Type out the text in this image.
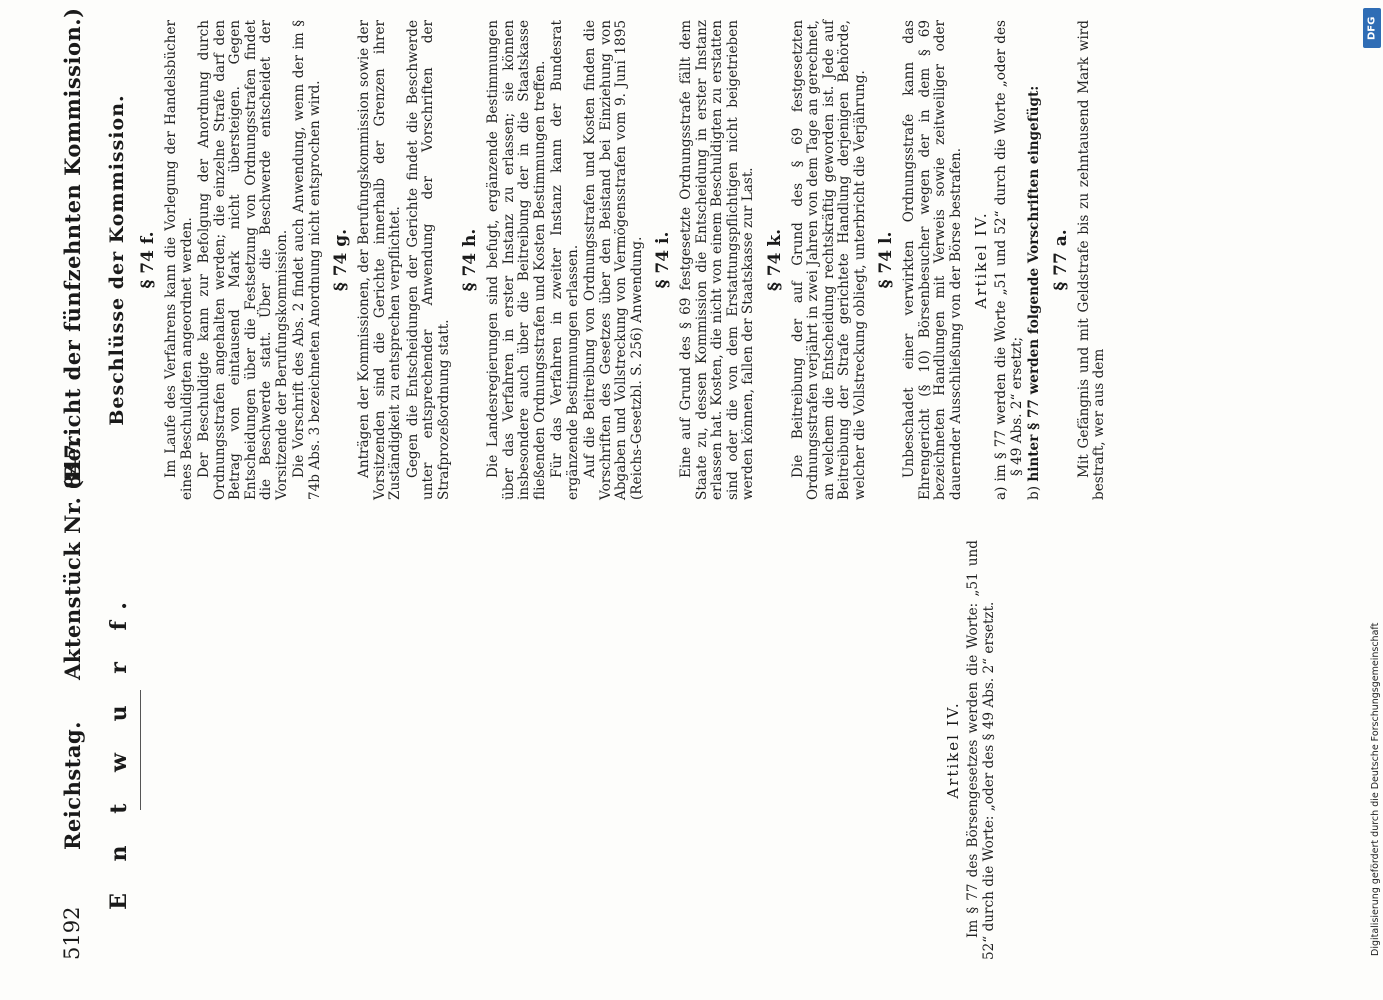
5192
Reichstag.
Aktenstück Nr. 847.
(Bericht der fünfzehnten Kommission.)
E n t w u r f.	Artikel IV. Im § 77 des Börsengesetzes werden die Worte: „51 und 52“ durch die Worte: „oder des § 49 Abs. 2“ ersetzt.

Beschlüsse der Kommission. § 74 f. Im Laufe des Verfahrens kann die Vorlegung der Handelsbücher eines Beschuldigten angeordnet werden. Der Beschuldigte kann zur Befolgung der Anordnung durch Ordnungsstrafen angehalten werden; die einzelne Strafe darf den Betrag von eintausend Mark nicht übersteigen. Gegen Entscheidungen über die Festsetzung von Ordnungsstrafen findet die Beschwerde statt. Über die Beschwerde entscheidet der Vorsitzende der Berufungskommission. Die Vorschrift des Abs. 2 findet auch Anwendung, wenn der im § 74b Abs. 3 bezeichneten Anordnung nicht entsprochen wird. § 74 g. Anträgen der Kommissionen, der Berufungskommission sowie der Vorsitzenden sind die Gerichte innerhalb der Grenzen ihrer Zuständigkeit zu entsprechen verpflichtet. Gegen die Entscheidungen der Gerichte findet die Beschwerde unter entsprechender Anwendung der Vorschriften der Strafprozeßordnung statt.

§ 74 h. Die Landesregierungen sind befugt, ergänzende Bestimmungen über das Verfahren in erster Instanz zu erlassen; sie können insbesondere auch über die Beitreibung der in die Staatskasse fließenden Ordnungsstrafen und Kosten Bestimmungen treffen. Für das Verfahren in zweiter Instanz kann der Bundesrat ergänzende Bestimmungen erlassen. Auf die Beitreibung von Ordnungsstrafen und Kosten finden die Vorschriften des Gesetzes über den Beistand bei Einziehung von Abgaben und Vollstreckung von Vermögensstrafen vom 9. Juni 1895 (Reichs-Gesetzbl. S. 256) Anwendung. § 74 i. Eine auf Grund des § 69 festgesetzte Ordnungsstrafe fällt dem Staate zu, dessen Kommission die Entscheidung in erster Instanz erlassen hat. Kosten, die nicht von einem Beschuldigten zu erstatten sind oder die von dem Erstattungspflichtigen nicht beigetrieben werden können, fallen der Staatskasse zur Last. § 74 k. Die Beitreibung der auf Grund des § 69 festgesetzten Ordnungsstrafen verjährt in zwei Jahren von dem Tage an gerechnet, an welchem die Entscheidung rechtskräftig geworden ist. Jede auf Beitreibung der Strafe gerichtete Handlung derjenigen Behörde, welcher die Vollstreckung obliegt, unterbricht die Verjährung. § 74 l. Unbeschadet einer verwirkten Ordnungsstrafe kann das Ehrengericht (§ 10) Börsenbesucher wegen der in dem § 69 bezeichneten Handlungen mit Verweis sowie zeitweiliger oder dauernder Ausschließung von der Börse bestrafen. Artikel IV.

a) im § 77 werden die Worte „51 und 52“ durch die Worte „oder des § 49 Abs. 2“ ersetzt;

b) hinter § 77 werden folgende Vorschriften eingefügt: § 77 a. Mit Gefängnis und mit Geldstrafe bis zu zehntausend Mark wird bestraft, wer aus dem

DFG
Digitalisierung gefördert durch die Deutsche Forschungsgemeinschaft
